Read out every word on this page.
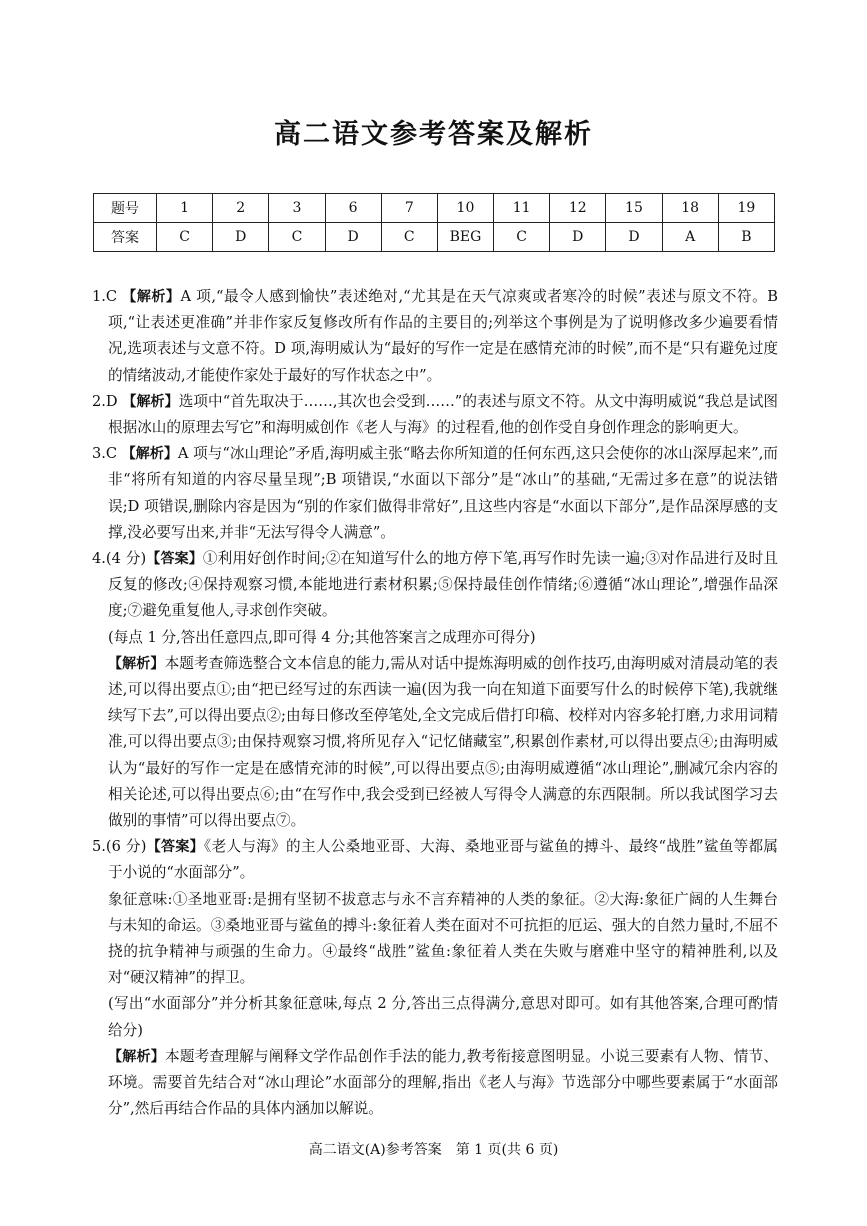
高二语文参考答案及解析
题号	1	2	3	6	7	10	11	12	15	18	19
答案	C	D	C	D	C	BEG	C	D	D	A	B

1.C 【解析】A 项,“最令人感到愉快”表述绝对,“尤其是在天气凉爽或者寒冷的时候”表述与原文不符。B 项,“让表述更准确”并非作家反复修改所有作品的主要目的;列举这个事例是为了说明修改多少遍要看情况,选项表述与文意不符。D 项,海明威认为“最好的写作一定是在感情充沛的时候”,而不是“只有避免过度的情绪波动,才能使作家处于最好的写作状态之中”。

2.D 【解析】选项中“首先取决于……,其次也会受到……”的表述与原文不符。从文中海明威说“我总是试图根据冰山的原理去写它”和海明威创作《老人与海》的过程看,他的创作受自身创作理念的影响更大。

3.C 【解析】A 项与“冰山理论”矛盾,海明威主张“略去你所知道的任何东西,这只会使你的冰山深厚起来”,而非“将所有知道的内容尽量呈现”;B 项错误,“水面以下部分”是“冰山”的基础,“无需过多在意”的说法错误;D 项错误,删除内容是因为“别的作家们做得非常好”,且这些内容是“水面以下部分”,是作品深厚感的支撑,没必要写出来,并非“无法写得令人满意”。

4.(4 分)【答案】①利用好创作时间;②在知道写什么的地方停下笔,再写作时先读一遍;③对作品进行及时且反复的修改;④保持观察习惯,本能地进行素材积累;⑤保持最佳创作情绪;⑥遵循“冰山理论”,增强作品深度;⑦避免重复他人,寻求创作突破。

(每点 1 分,答出任意四点,即可得 4 分;其他答案言之成理亦可得分)

【解析】本题考查筛选整合文本信息的能力,需从对话中提炼海明威的创作技巧,由海明威对清晨动笔的表述,可以得出要点①;由“把已经写过的东西读一遍(因为我一向在知道下面要写什么的时候停下笔),我就继续写下去”,可以得出要点②;由每日修改至停笔处,全文完成后借打印稿、校样对内容多轮打磨,力求用词精准,可以得出要点③;由保持观察习惯,将所见存入“记忆储藏室”,积累创作素材,可以得出要点④;由海明威认为“最好的写作一定是在感情充沛的时候”,可以得出要点⑤;由海明威遵循“冰山理论”,删减冗余内容的相关论述,可以得出要点⑥;由“在写作中,我会受到已经被人写得令人满意的东西限制。所以我试图学习去做别的事情”可以得出要点⑦。

5.(6 分)【答案】《老人与海》的主人公桑地亚哥、大海、桑地亚哥与鲨鱼的搏斗、最终“战胜”鲨鱼等都属于小说的“水面部分”。

象征意味:①圣地亚哥:是拥有坚韧不拔意志与永不言弃精神的人类的象征。②大海:象征广阔的人生舞台与未知的命运。③桑地亚哥与鲨鱼的搏斗:象征着人类在面对不可抗拒的厄运、强大的自然力量时,不屈不挠的抗争精神与顽强的生命力。④最终“战胜”鲨鱼:象征着人类在失败与磨难中坚守的精神胜利,以及对“硬汉精神”的捍卫。

(写出“水面部分”并分析其象征意味,每点 2 分,答出三点得满分,意思对即可。如有其他答案,合理可酌情给分)

【解析】本题考查理解与阐释文学作品创作手法的能力,教考衔接意图明显。小说三要素有人物、情节、环境。需要首先结合对“冰山理论”水面部分的理解,指出《老人与海》节选部分中哪些要素属于“水面部分”,然后再结合作品的具体内涵加以解说。

高二语文(A)参考答案　第 1 页(共 6 页)
